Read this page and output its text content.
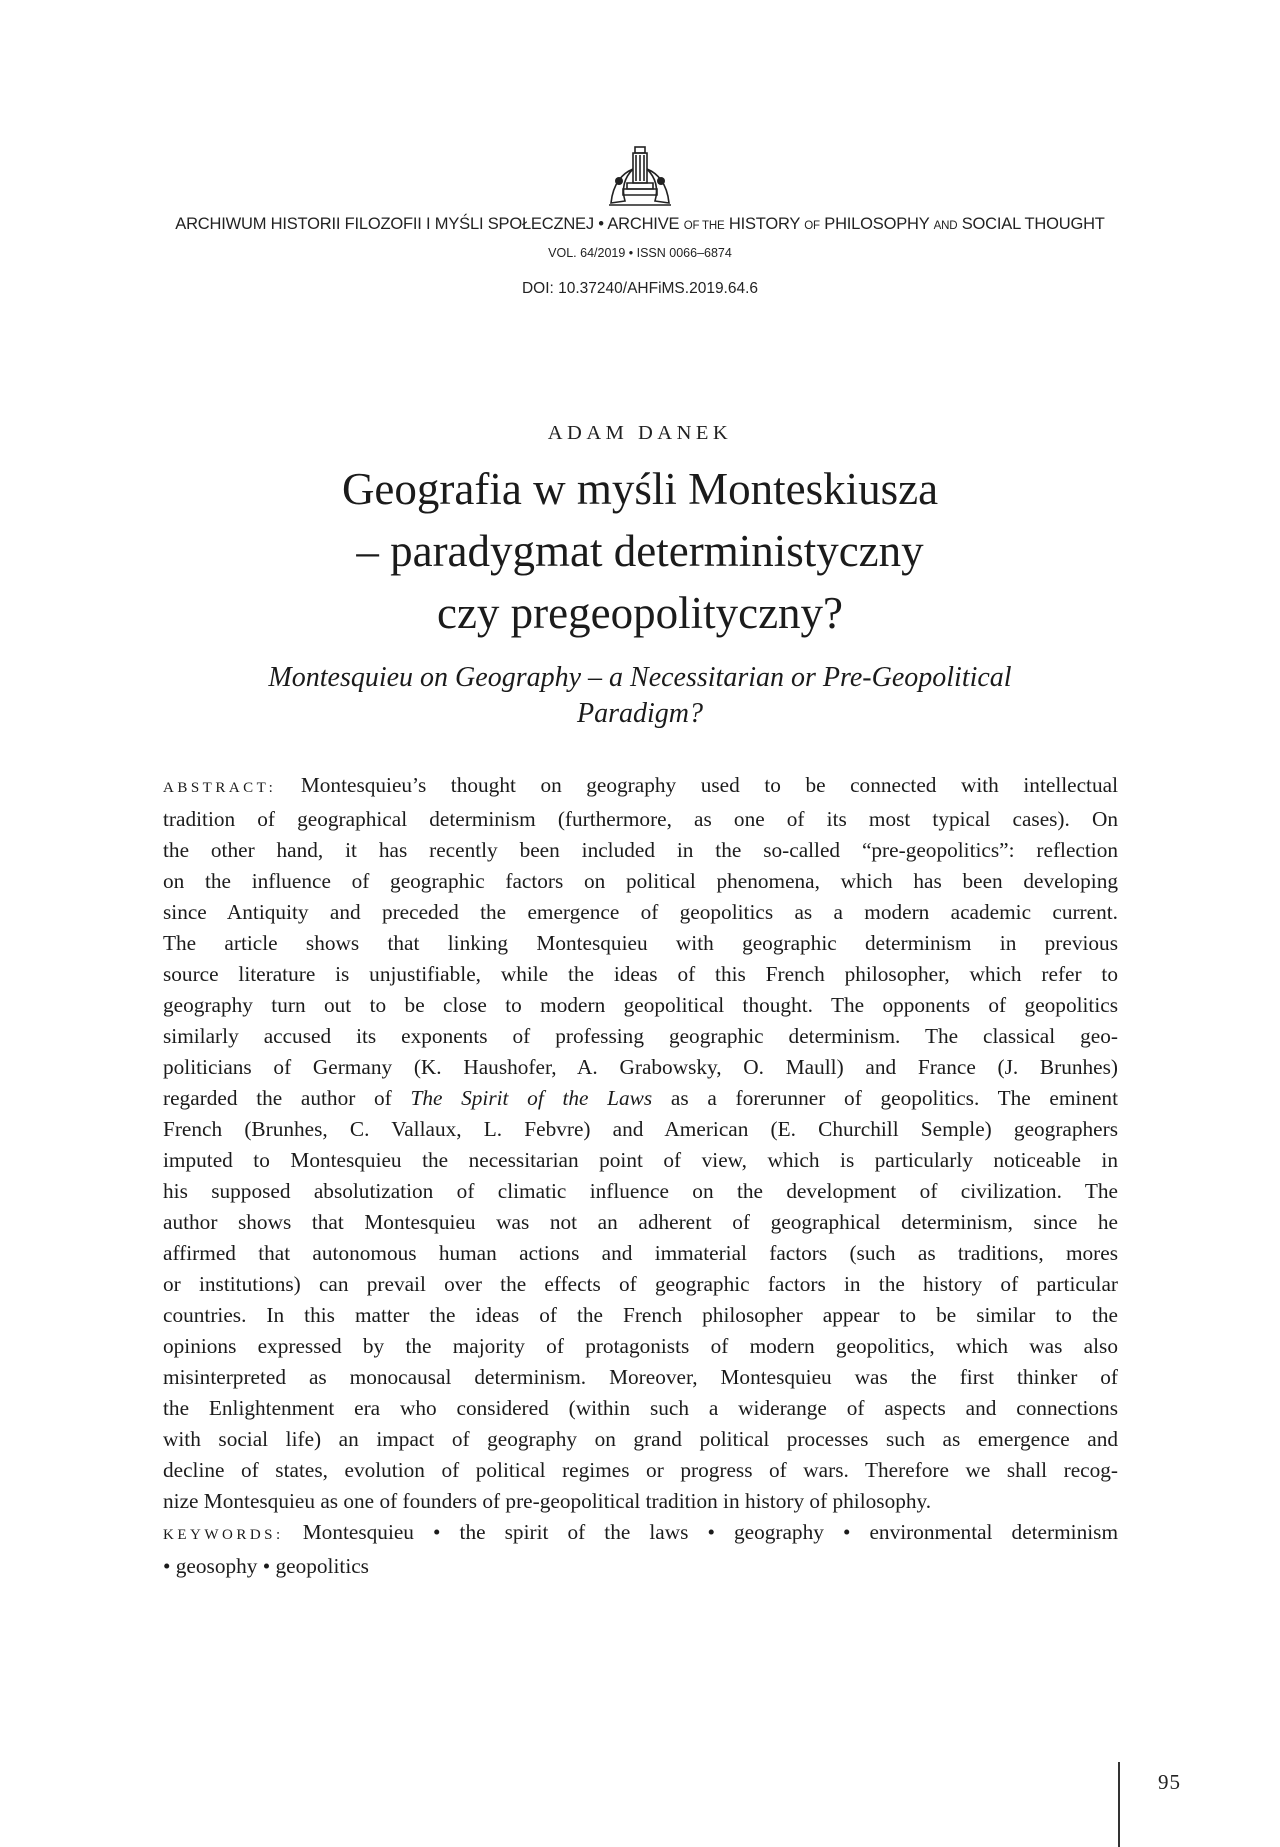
ARCHIWUM HISTORII FILOZOFII I MYŚLI SPOŁECZNEJ • ARCHIVE OF THE HISTORY OF PHILOSOPHY AND SOCIAL THOUGHT
VOL. 64/2019 • ISSN 0066–6874
DOI: 10.37240/AHFiMS.2019.64.6
ADAM DANEK
Geografia w myśli Monteskiusza
– paradygmat deterministyczny
czy pregeopolityczny?
Montesquieu on Geography – a Necessitarian or Pre-Geopolitical
Paradigm?
ABSTRACT: Montesquieu’s thought on geography used to be connected with intellectual
tradition of geographical determinism (furthermore, as one of its most typical cases). On
the other hand, it has recently been included in the so-called “pre-geopolitics”: reflection
on the influence of geographic factors on political phenomena, which has been developing
since Antiquity and preceded the emergence of geopolitics as a modern academic current.
The article shows that linking Montesquieu with geographic determinism in previous
source literature is unjustifiable, while the ideas of this French philosopher, which refer to
geography turn out to be close to modern geopolitical thought. The opponents of geopolitics
similarly accused its exponents of professing geographic determinism. The classical geo-
politicians of Germany (K. Haushofer, A. Grabowsky, O. Maull) and France (J. Brunhes)
regarded the author of The Spirit of the Laws as a forerunner of geopolitics. The eminent
French (Brunhes, C. Vallaux, L. Febvre) and American (E. Churchill Semple) geographers
imputed to Montesquieu the necessitarian point of view, which is particularly noticeable in
his supposed absolutization of climatic influence on the development of civilization. The
author shows that Montesquieu was not an adherent of geographical determinism, since he
affirmed that autonomous human actions and immaterial factors (such as traditions, mores
or institutions) can prevail over the effects of geographic factors in the history of particular
countries. In this matter the ideas of the French philosopher appear to be similar to the
opinions expressed by the majority of protagonists of modern geopolitics, which was also
misinterpreted as monocausal determinism. Moreover, Montesquieu was the first thinker of
the Enlightenment era who considered (within such a widerange of aspects and connections
with social life) an impact of geography on grand political processes such as emergence and
decline of states, evolution of political regimes or progress of wars. Therefore we shall recog-
nize Montesquieu as one of founders of pre-geopolitical tradition in history of philosophy.
KEYWORDS: Montesquieu • the spirit of the laws • geography • environmental determinism
• geosophy • geopolitics
95
